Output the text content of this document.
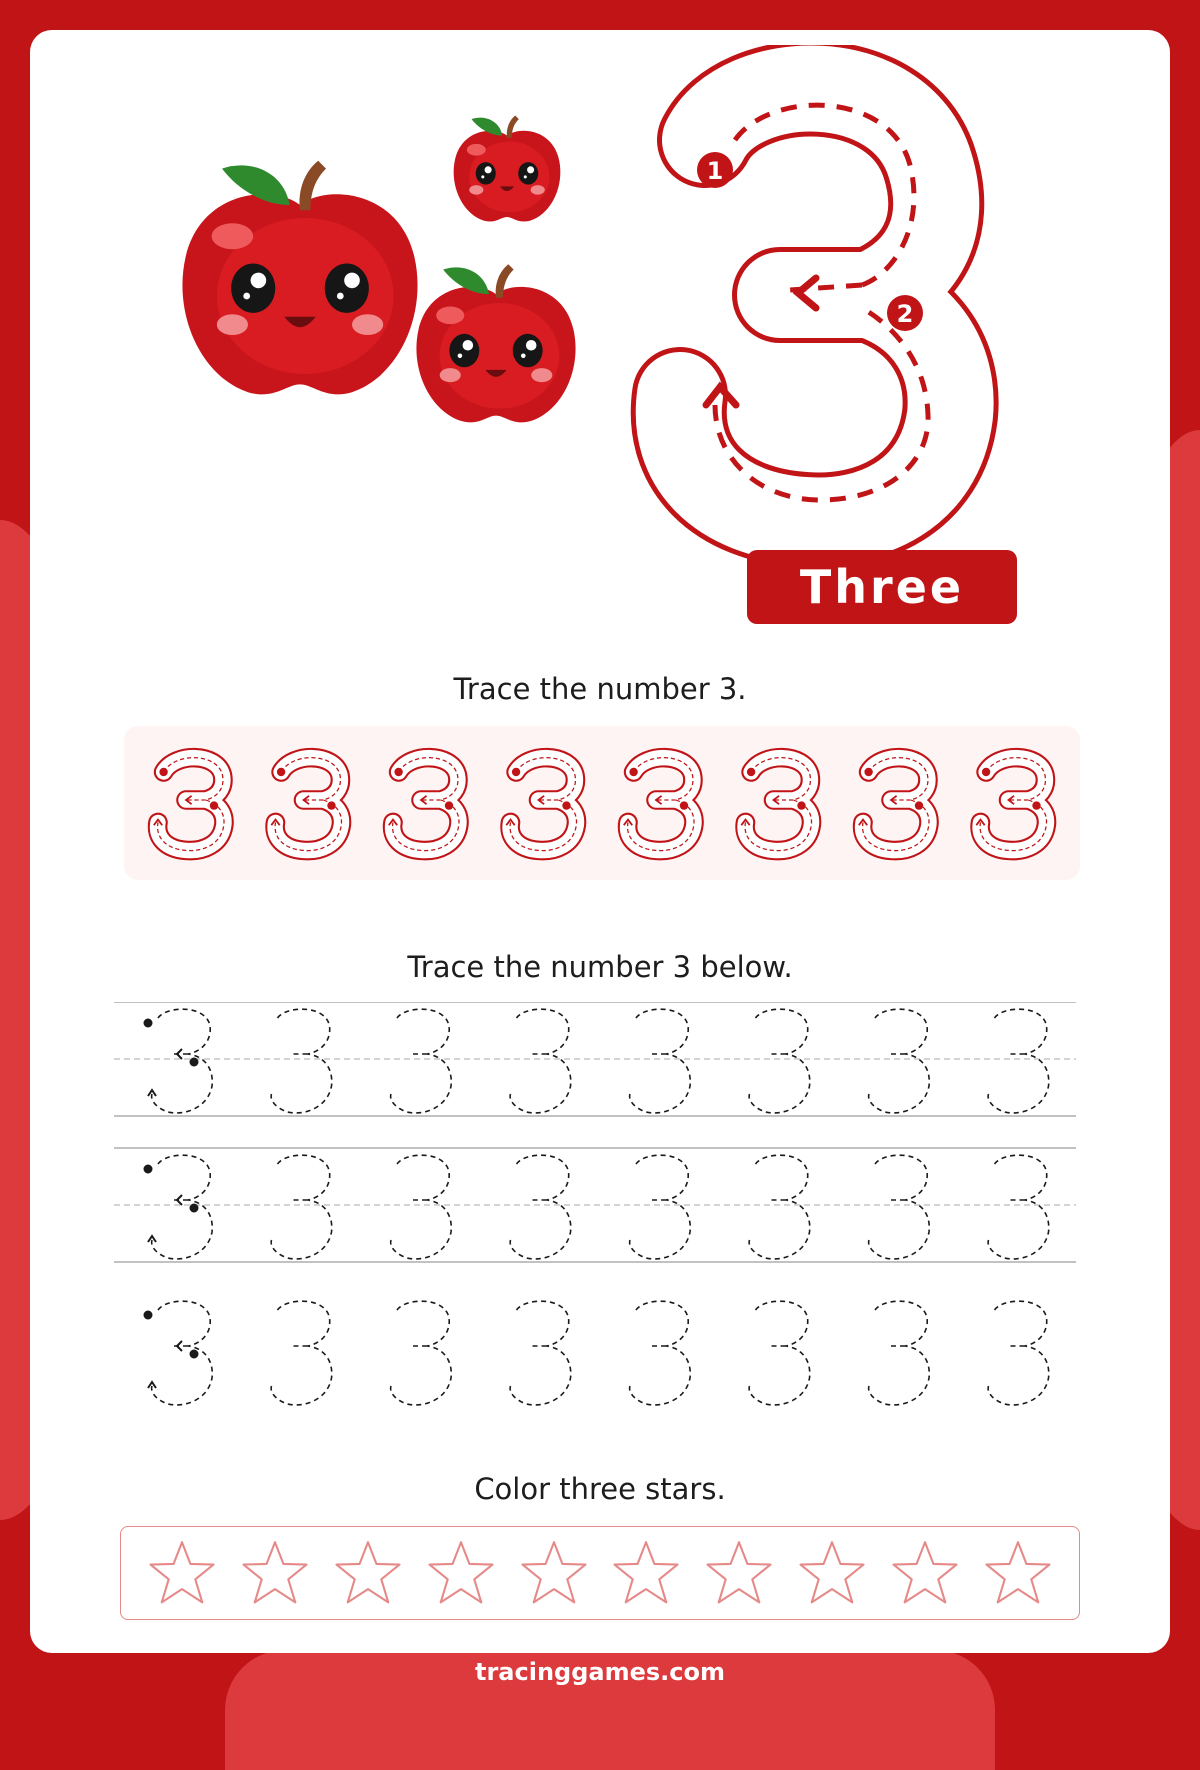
1
2
Three
Trace the number 3.
Trace the number 3 below.
Color three stars.
tracinggames.com
